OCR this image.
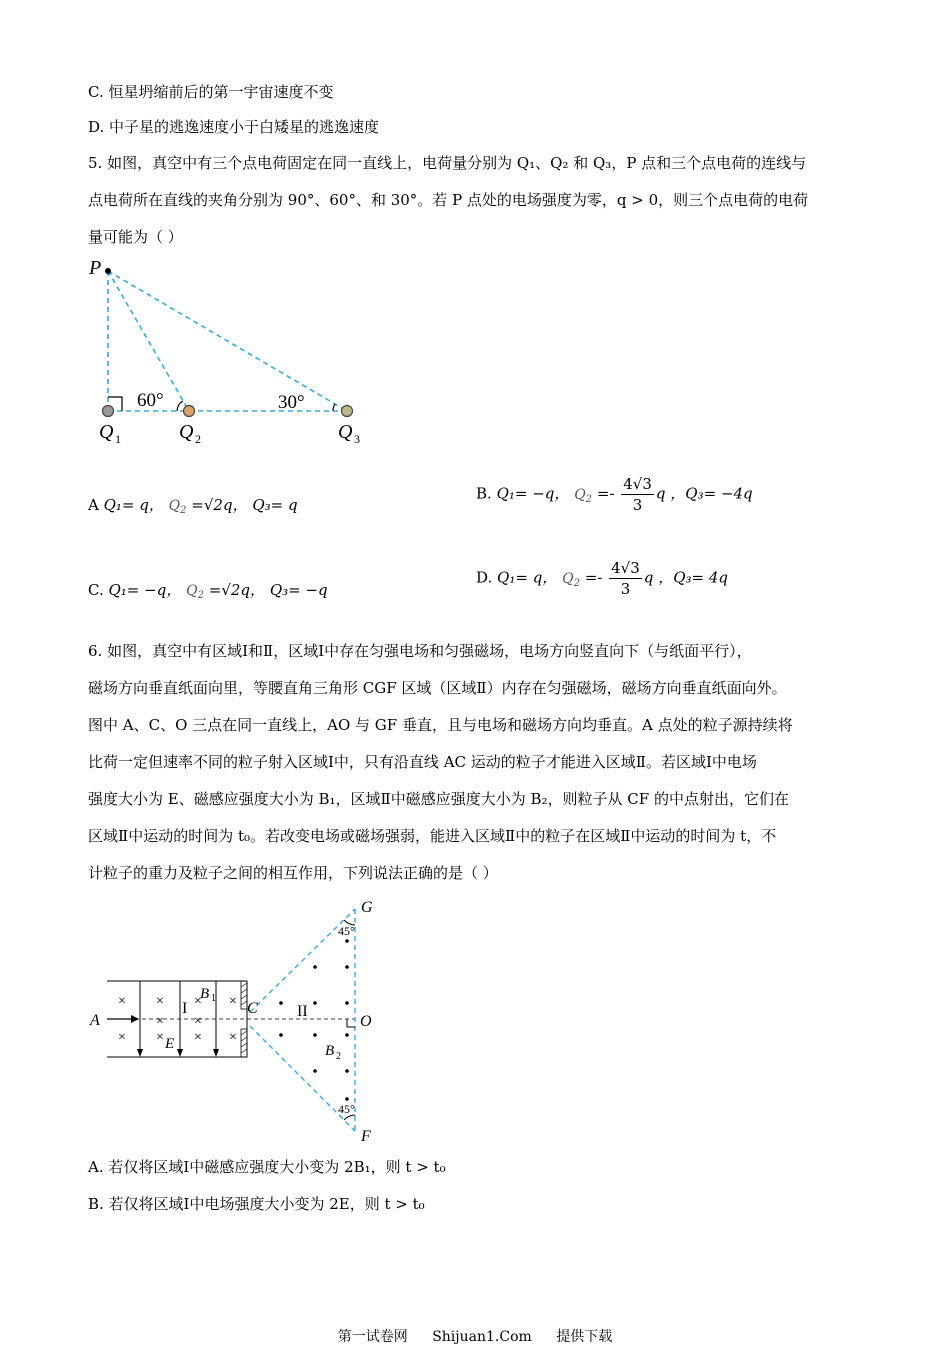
C. 恒星坍缩前后的第一宇宙速度不变
D. 中子星的逃逸速度小于白矮星的逃逸速度
5. 如图，真空中有三个点电荷固定在同一直线上，电荷量分别为 Q₁、Q₂ 和 Q₃，P 点和三个点电荷的连线与
点电荷所在直线的夹角分别为 90°、60°、和 30°。若 P 点处的电场强度为零，q > 0，则三个点电荷的电荷
量可能为（ ）
P
60°	30°
Q 1	Q 2	Q 3
A Q₁= q， $Q_2 =√2q$， Q₃= q
B. Q₁= −q， $Q_2 =- \frac{4√3}{3}$ q ，Q₃= −4q
C. Q₁= −q， $Q_2 =√2q$， Q₃= −q
D. Q₁= q， $Q_2 =- \frac{4√3}{3}$ q ，Q₃= 4q
6. 如图，真空中有区域Ⅰ和Ⅱ，区域Ⅰ中存在匀强电场和匀强磁场，电场方向竖直向下（与纸面平行），
磁场方向垂直纸面向里，等腰直角三角形 CGF 区域（区域Ⅱ）内存在匀强磁场，磁场方向垂直纸面向外。
图中 A、C、O 三点在同一直线上，AO 与 GF 垂直，且与电场和磁场方向均垂直。A 点处的粒子源持续将
比荷一定但速率不同的粒子射入区域Ⅰ中，只有沿直线 AC 运动的粒子才能进入区域Ⅱ。若区域Ⅰ中电场
强度大小为 E、磁感应强度大小为 B₁，区域Ⅱ中磁感应强度大小为 B₂，则粒子从 CF 的中点射出，它们在
区域Ⅱ中运动的时间为 t₀。若改变电场或磁场强弱，能进入区域Ⅱ中的粒子在区域Ⅱ中运动的时间为 t，不
计粒子的重力及粒子之间的相互作用，下列说法正确的是（ ）
× × × ×
× ×
× × × ×
A
C
O
G
F
E
B 1
B 2
I	II
45°
45°
A. 若仅将区域Ⅰ中磁感应强度大小变为 2B₁，则 t > t₀
B. 若仅将区域Ⅰ中电场强度大小变为 2E，则 t > t₀
第一试卷网 Shijuan1.Com 提供下载
